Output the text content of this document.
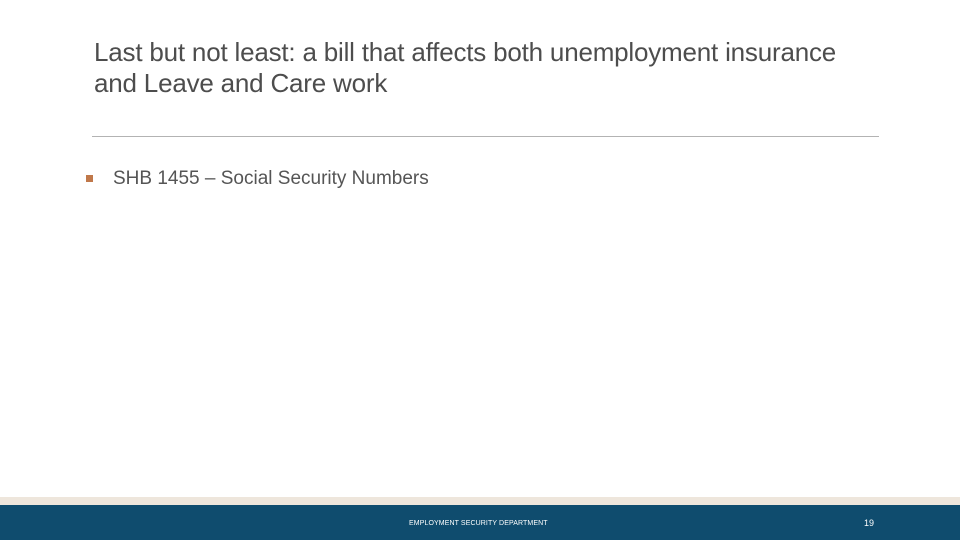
Last but not least: a bill that affects both unemployment insurance and Leave and Care work
SHB 1455 – Social Security Numbers
EMPLOYMENT SECURITY DEPARTMENT	19
